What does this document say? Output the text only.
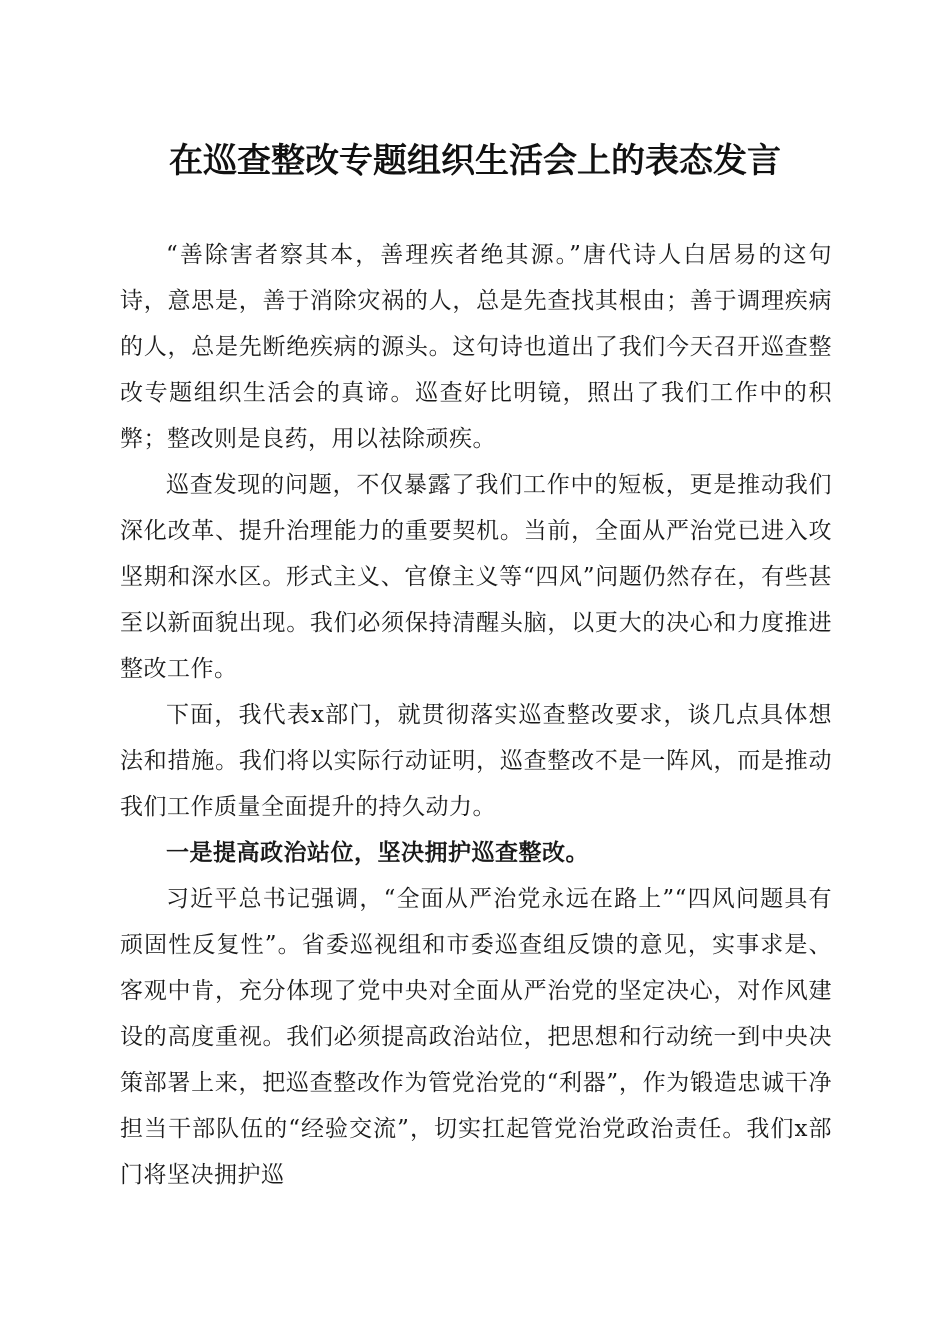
在巡查整改专题组织生活会上的表态发言

“善除害者察其本，善理疾者绝其源。”唐代诗人白居易的这句诗，意思是，善于消除灾祸的人，总是先查找其根由；善于调理疾病的人，总是先断绝疾病的源头。这句诗也道出了我们今天召开巡查整改专题组织生活会的真谛。巡查好比明镜，照出了我们工作中的积弊；整改则是良药，用以祛除顽疾。

巡查发现的问题，不仅暴露了我们工作中的短板，更是推动我们深化改革、提升治理能力的重要契机。当前，全面从严治党已进入攻坚期和深水区。形式主义、官僚主义等“四风”问题仍然存在，有些甚至以新面貌出现。我们必须保持清醒头脑，以更大的决心和力度推进整改工作。

下面，我代表x部门，就贯彻落实巡查整改要求，谈几点具体想法和措施。我们将以实际行动证明，巡查整改不是一阵风，而是推动我们工作质量全面提升的持久动力。

一是提高政治站位，坚决拥护巡查整改。

习近平总书记强调，“全面从严治党永远在路上”“四风问题具有顽固性反复性”。省委巡视组和市委巡查组反馈的意见，实事求是、客观中肯，充分体现了党中央对全面从严治党的坚定决心，对作风建设的高度重视。我们必须提高政治站位，把思想和行动统一到中央决策部署上来，把巡查整改作为管党治党的“利器”，作为锻造忠诚干净担当干部队伍的“经验交流”，切实扛起管党治党政治责任。我们x部门将坚决拥护巡
